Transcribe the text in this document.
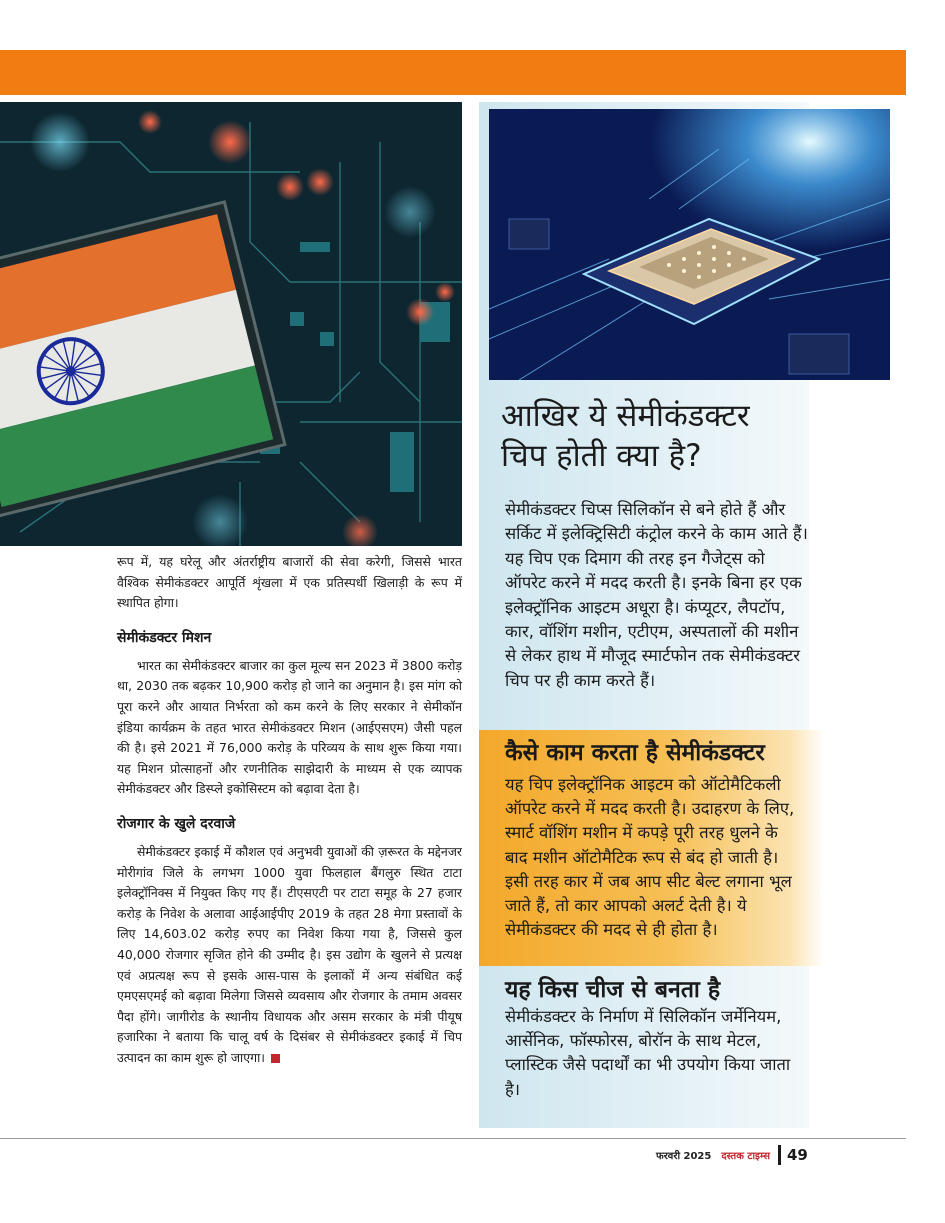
रूप में, यह घरेलू और अंतर्राष्ट्रीय बाजारों की सेवा करेगी, जिससे भारत वैश्विक सेमीकंडक्टर आपूर्ति शृंखला में एक प्रतिस्पर्धी खिलाड़ी के रूप में स्थापित होगा।

सेमीकंडक्टर मिशन

भारत का सेमीकंडक्टर बाजार का कुल मूल्य सन 2023 में 3800 करोड़ था, 2030 तक बढ़कर 10,900 करोड़ हो जाने का अनुमान है। इस मांग को पूरा करने और आयात निर्भरता को कम करने के लिए सरकार ने सेमीकॉन इंडिया कार्यक्रम के तहत भारत सेमीकंडक्टर मिशन (आईएसएम) जैसी पहल की है। इसे 2021 में 76,000 करोड़ के परिव्यय के साथ शुरू किया गया। यह मिशन प्रोत्साहनों और रणनीतिक साझेदारी के माध्यम से एक व्यापक सेमीकंडक्टर और डिस्प्ले इकोसिस्टम को बढ़ावा देता है।

रोजगार के खुले दरवाजे

सेमीकंडक्टर इकाई में कौशल एवं अनुभवी युवाओं की ज़रूरत के मद्देनजर मोरीगांव जिले के लगभग 1000 युवा फिलहाल बैंगलुरु स्थित टाटा इलेक्ट्रॉनिक्स में नियुक्त किए गए हैं। टीएसएटी पर टाटा समूह के 27 हजार करोड़ के निवेश के अलावा आईआईपीए 2019 के तहत 28 मेगा प्रस्तावों के लिए 14,603.02 करोड़ रुपए का निवेश किया गया है, जिससे कुल 40,000 रोजगार सृजित होने की उम्मीद है। इस उद्योग के खुलने से प्रत्यक्ष एवं अप्रत्यक्ष रूप से इसके आस-पास के इलाकों में अन्य संबंधित कई एमएसएमई को बढ़ावा मिलेगा जिससे व्यवसाय और रोजगार के तमाम अवसर पैदा होंगे। जागीरोड के स्थानीय विधायक और असम सरकार के मंत्री पीयूष हजारिका ने बताया कि चालू वर्ष के दिसंबर से सेमीकंडक्टर इकाई में चिप उत्पादन का काम शुरू हो जाएगा।

आखिर ये सेमीकंडक्टर चिप होती क्या है?

सेमीकंडक्टर चिप्स सिलिकॉन से बने होते हैं और सर्किट में इलेक्ट्रिसिटी कंट्रोल करने के काम आते हैं। यह चिप एक दिमाग की तरह इन गैजेट्स को ऑपरेट करने में मदद करती है। इनके बिना हर एक इलेक्ट्रॉनिक आइटम अधूरा है। कंप्यूटर, लैपटॉप, कार, वॉशिंग मशीन, एटीएम, अस्पतालों की मशीन से लेकर हाथ में मौजूद स्मार्टफोन तक सेमीकंडक्टर चिप पर ही काम करते हैं।

कैसे काम करता है सेमीकंडक्टर

यह चिप इलेक्ट्रॉनिक आइटम को ऑटोमैटिकली ऑपरेट करने में मदद करती है। उदाहरण के लिए, स्मार्ट वॉशिंग मशीन में कपड़े पूरी तरह धुलने के बाद मशीन ऑटोमैटिक रूप से बंद हो जाती है। इसी तरह कार में जब आप सीट बेल्ट लगाना भूल जाते हैं, तो कार आपको अलर्ट देती है। ये सेमीकंडक्टर की मदद से ही होता है।

यह किस चीज से बनता है

सेमीकंडक्टर के निर्माण में सिलिकॉन जर्मेनियम, आर्सेनिक, फॉस्फोरस, बोरॉन के साथ मेटल, प्लास्टिक जैसे पदार्थों का भी उपयोग किया जाता है।

फरवरी 2025 दस्तक टाइम्स 49
